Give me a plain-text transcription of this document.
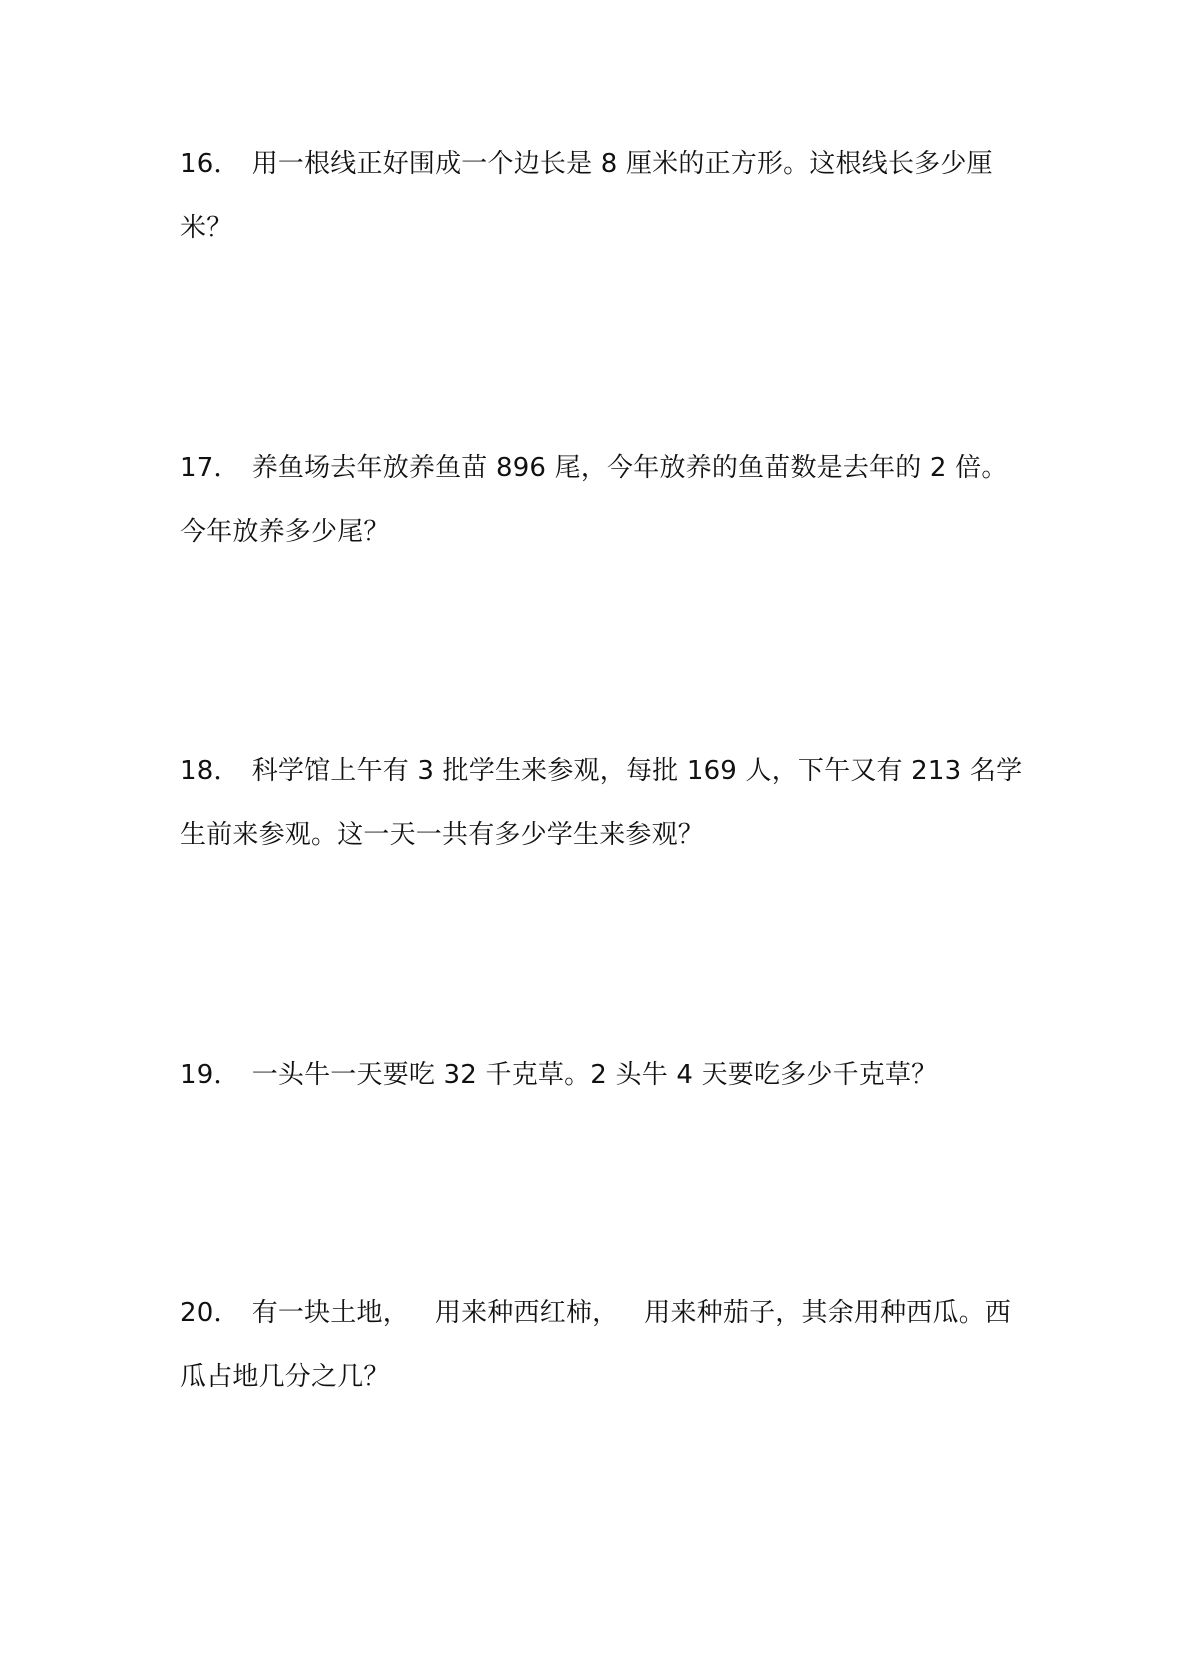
16． 用一根线正好围成一个边长是 8 厘米的正方形。这根线长多少厘
米？
17． 养鱼场去年放养鱼苗 896 尾，今年放养的鱼苗数是去年的 2 倍。
今年放养多少尾？
18． 科学馆上午有 3 批学生来参观，每批 169 人，下午又有 213 名学
生前来参观。这一天一共有多少学生来参观？
19． 一头牛一天要吃 32 千克草。2 头牛 4 天要吃多少千克草？
20． 有一块土地， 用来种西红柿， 用来种茄子，其余用种西瓜。西
瓜占地几分之几？
